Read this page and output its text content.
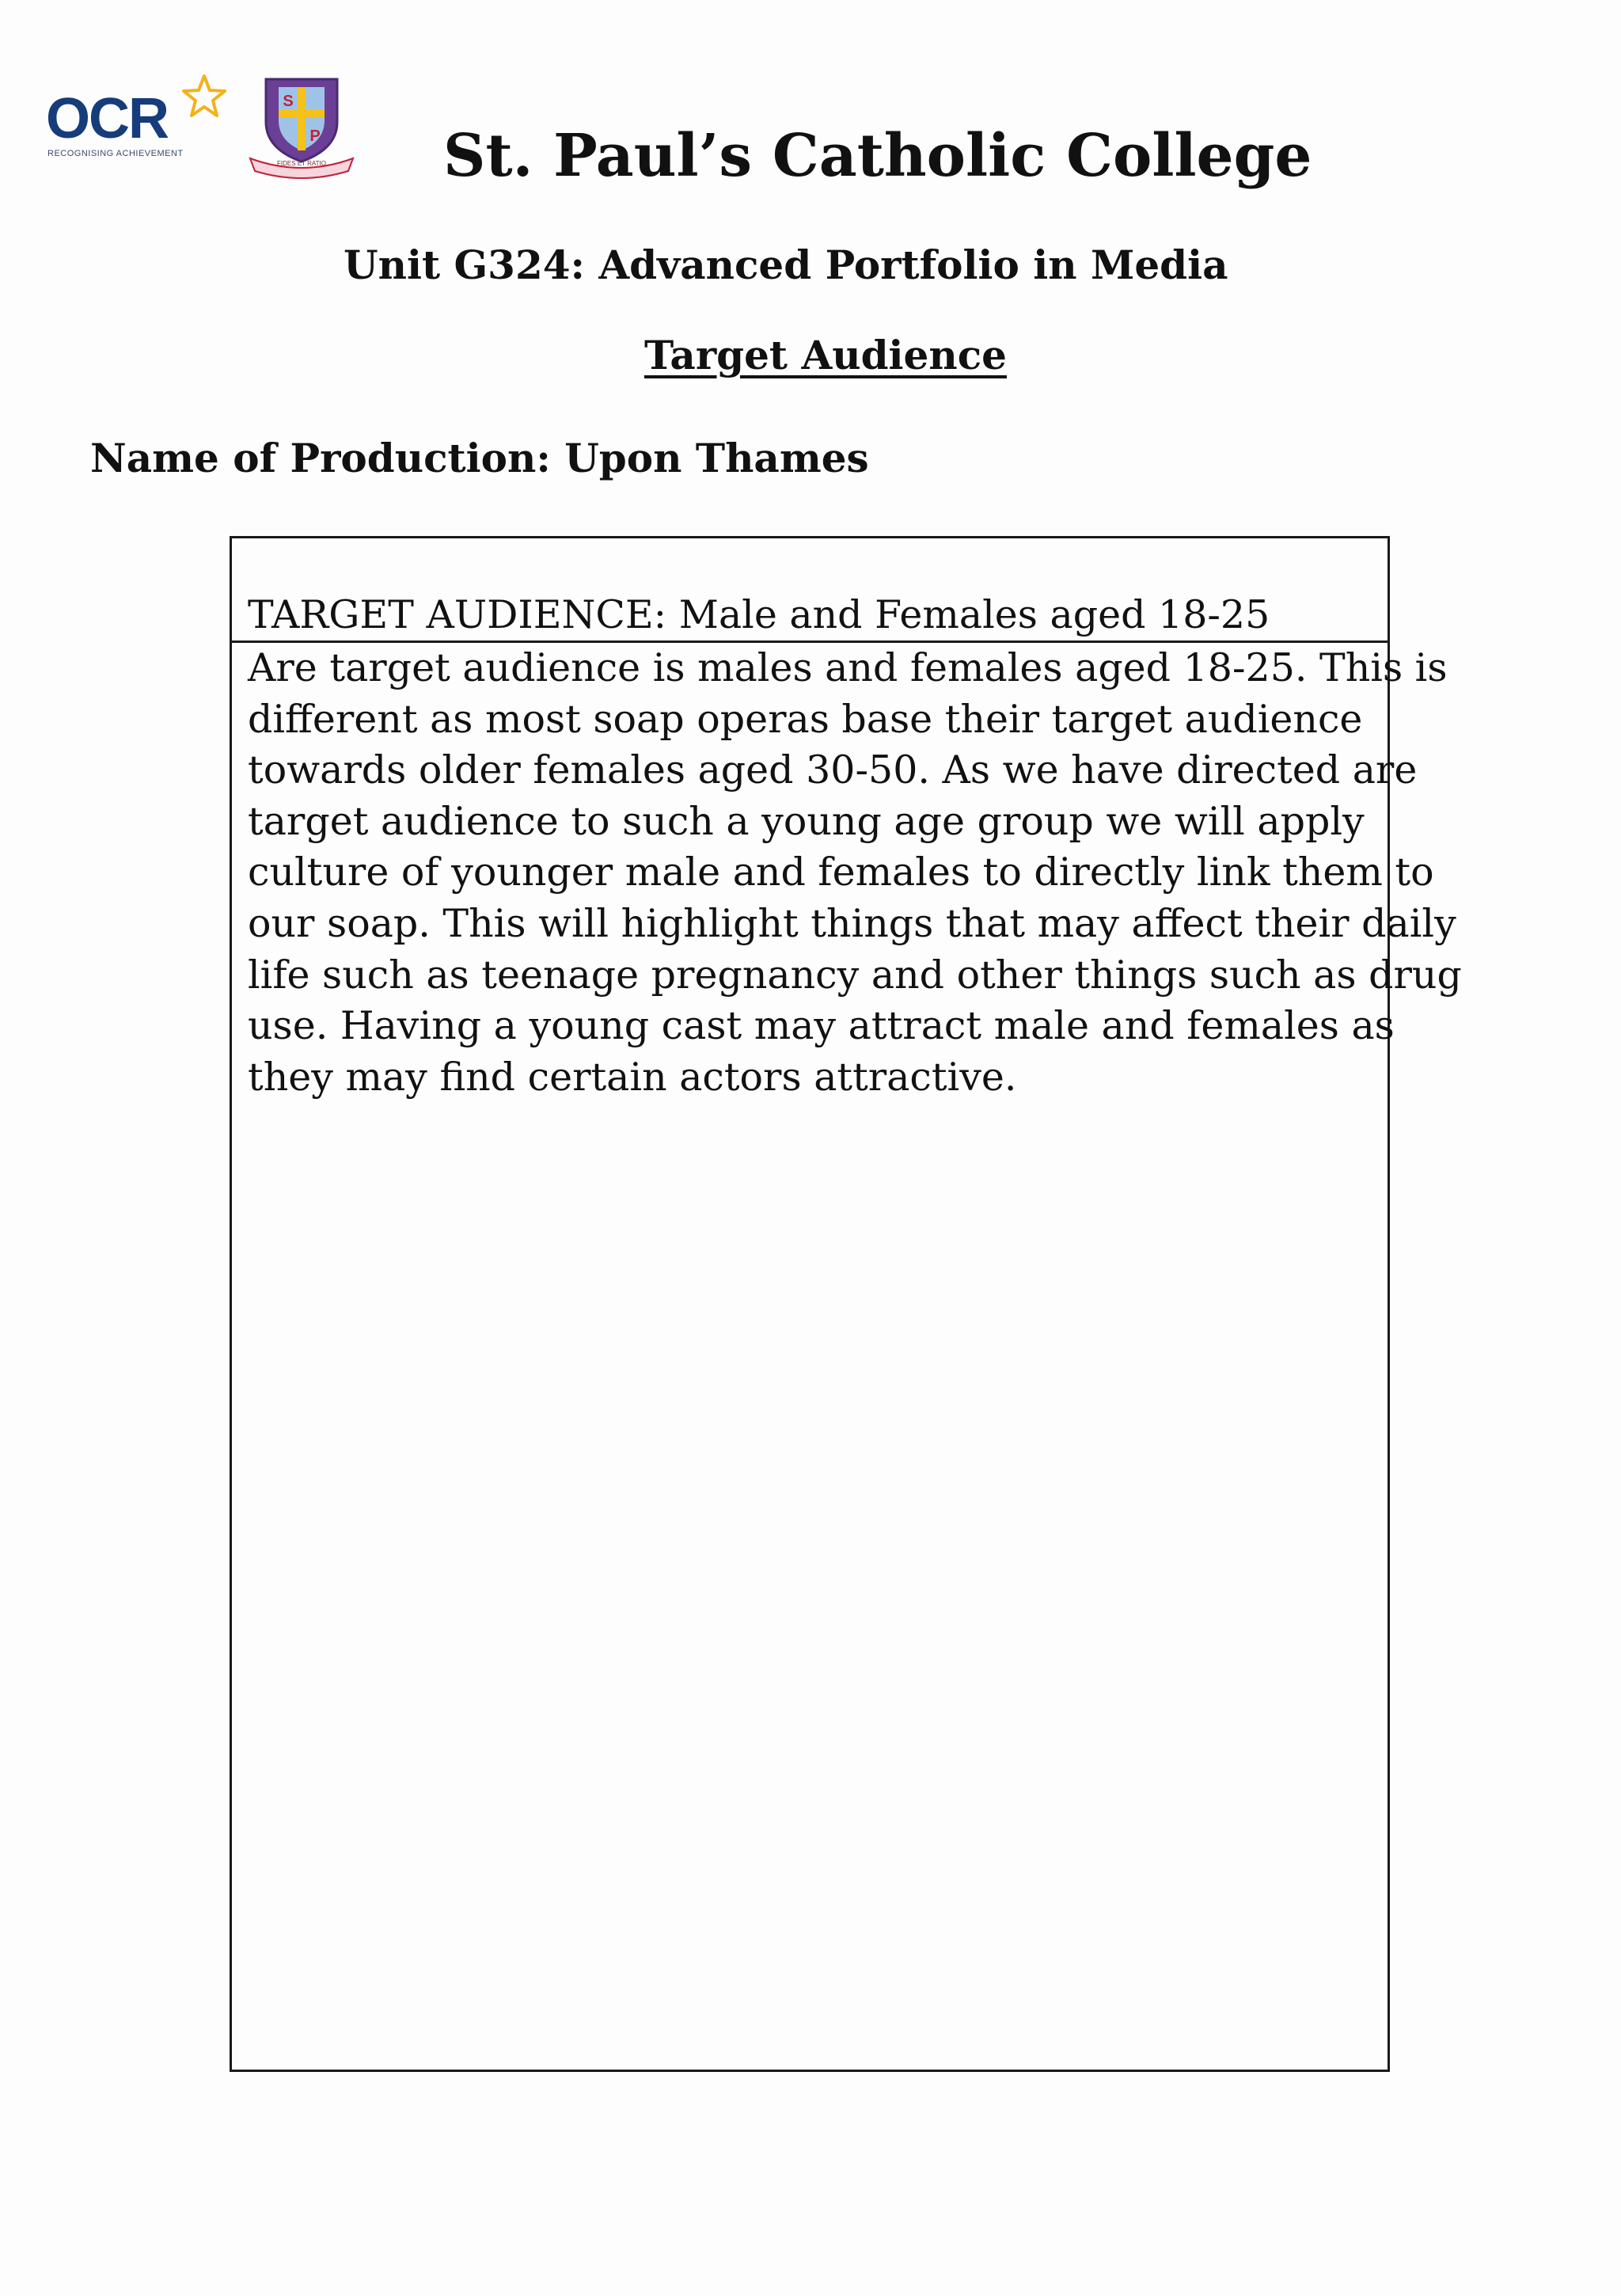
OCR
RECOGNISING ACHIEVEMENT
S
P
FIDES ET RATIO	St. Paul’s Catholic College
Unit G324: Advanced Portfolio in Media
Target Audience
Name of Production: Upon Thames
TARGET AUDIENCE: Male and Females aged 18-25
Are target audience is males and females aged 18-25. This is
different as most soap operas base their target audience
towards older females aged 30-50. As we have directed are
target audience to such a young age group we will apply
culture of younger male and females to directly link them to
our soap. This will highlight things that may affect their daily
life such as teenage pregnancy and other things such as drug
use. Having a young cast may attract male and females as
they may find certain actors attractive.
